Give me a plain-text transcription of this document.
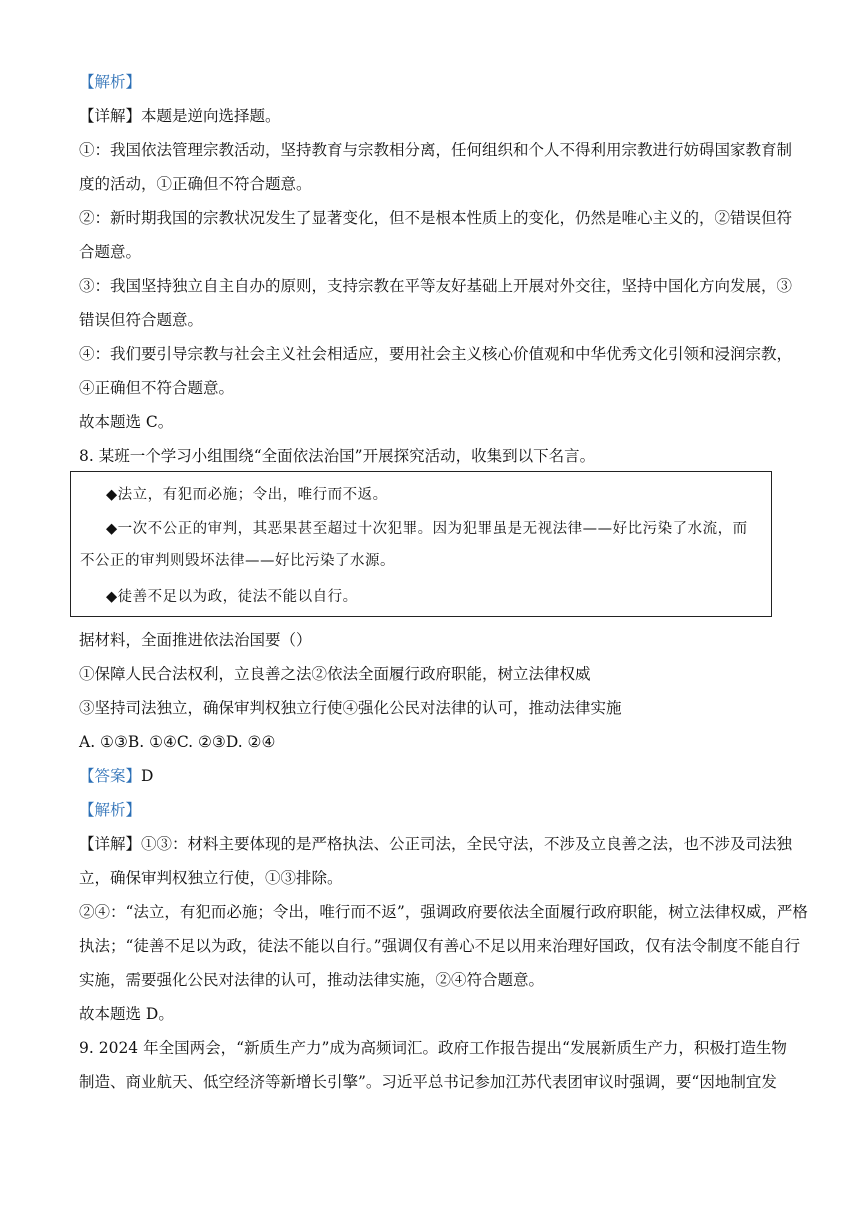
【解析】
【详解】本题是逆向选择题。
①：我国依法管理宗教活动，坚持教育与宗教相分离，任何组织和个人不得利用宗教进行妨碍国家教育制
度的活动，①正确但不符合题意。
②：新时期我国的宗教状况发生了显著变化，但不是根本性质上的变化，仍然是唯心主义的，②错误但符
合题意。
③：我国坚持独立自主自办的原则，支持宗教在平等友好基础上开展对外交往，坚持中国化方向发展，③
错误但符合题意。
④：我们要引导宗教与社会主义社会相适应，要用社会主义核心价值观和中华优秀文化引领和浸润宗教，
④正确但不符合题意。
故本题选 C。
8. 某班一个学习小组围绕“全面依法治国”开展探究活动，收集到以下名言。
◆法立，有犯而必施；令出，唯行而不返。
◆一次不公正的审判，其恶果甚至超过十次犯罪。因为犯罪虽是无视法律——好比污染了水流，而
不公正的审判则毁坏法律——好比污染了水源。
◆徒善不足以为政，徒法不能以自行。
据材料，全面推进依法治国要（）
①保障人民合法权利，立良善之法②依法全面履行政府职能，树立法律权威
③坚持司法独立，确保审判权独立行使④强化公民对法律的认可，推动法律实施
A. ①③B. ①④C. ②③D. ②④
【答案】D
【解析】
【详解】①③：材料主要体现的是严格执法、公正司法，全民守法，不涉及立良善之法，也不涉及司法独
立，确保审判权独立行使，①③排除。
②④：“法立，有犯而必施；令出，唯行而不返”，强调政府要依法全面履行政府职能，树立法律权威，严格
执法；“徒善不足以为政，徒法不能以自行。”强调仅有善心不足以用来治理好国政，仅有法令制度不能自行
实施，需要强化公民对法律的认可，推动法律实施，②④符合题意。
故本题选 D。
9. 2024 年全国两会，“新质生产力”成为高频词汇。政府工作报告提出“发展新质生产力，积极打造生物
制造、商业航天、低空经济等新增长引擎”。习近平总书记参加江苏代表团审议时强调，要“因地制宜发
